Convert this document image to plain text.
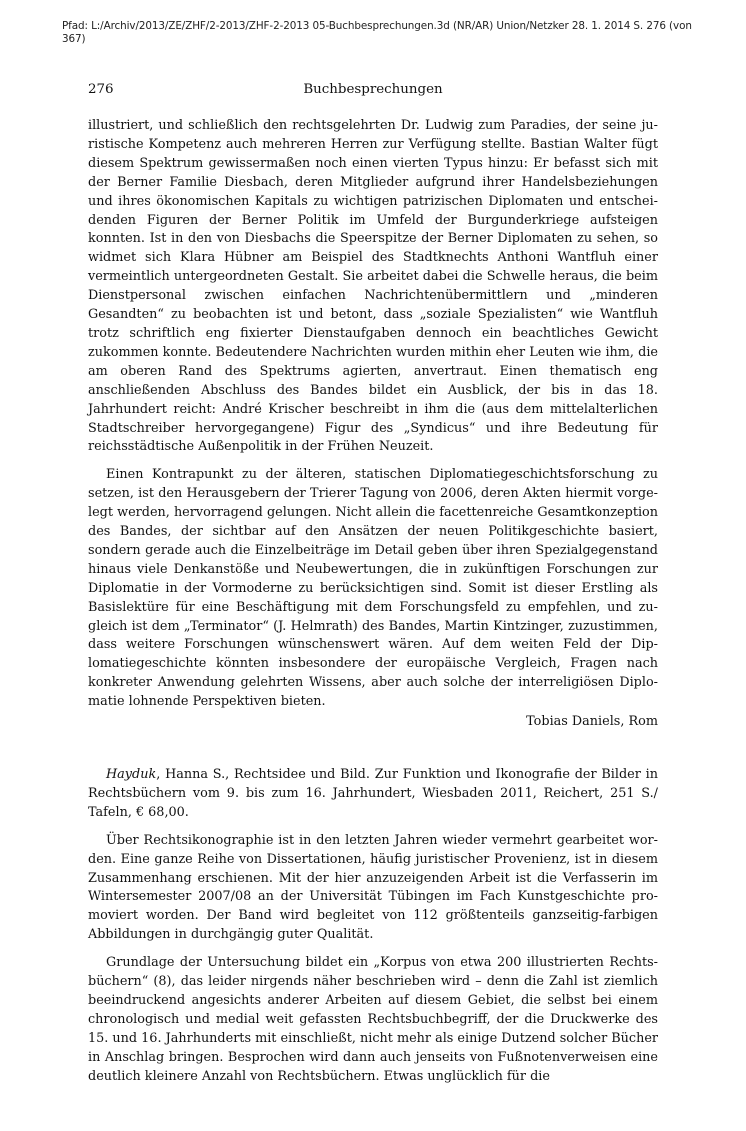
Pfad: L:/Archiv/2013/ZE/ZHF/2-2013/ZHF-2-2013 05-Buchbesprechungen.3d (NR/AR) Union/Netzker 28. 1. 2014 S. 276 (von
367)
276	Buchbesprechungen

illustriert, und schließlich den rechtsgelehrten Dr. Ludwig zum Paradies, der seine juristische Kompetenz auch mehreren Herren zur Verfügung stellte. Bastian Walter fügt diesem Spektrum gewissermaßen noch einen vierten Typus hinzu: Er befasst sich mit der Berner Familie Diesbach, deren Mitglieder aufgrund ihrer Handelsbeziehungen und ihres ökonomischen Kapitals zu wichtigen patrizischen Diplomaten und entscheidenden Figuren der Berner Politik im Umfeld der Burgunderkriege aufsteigen konnten. Ist in den von Diesbachs die Speerspitze der Berner Diplomaten zu sehen, so widmet sich Klara Hübner am Beispiel des Stadtknechts Anthoni Wantfluh einer vermeintlich untergeordneten Gestalt. Sie arbeitet dabei die Schwelle heraus, die beim Dienstpersonal zwischen einfachen Nachrichtenübermittlern und „minderen Gesandten“ zu beobachten ist und betont, dass „soziale Spezialisten“ wie Wantfluh trotz schriftlich eng fixierter Dienstaufgaben dennoch ein beachtliches Gewicht zukommen konnte. Bedeutendere Nachrichten wurden mithin eher Leuten wie ihm, die am oberen Rand des Spektrums agierten, anvertraut. Einen thematisch eng anschließenden Abschluss des Bandes bildet ein Ausblick, der bis in das 18. Jahrhundert reicht: André Krischer beschreibt in ihm die (aus dem mittelalterlichen Stadtschreiber hervorgegangene) Figur des „Syndicus“ und ihre Bedeutung für reichsstädtische Außenpolitik in der Frühen Neuzeit.

Einen Kontrapunkt zu der älteren, statischen Diplomatiegeschichtsforschung zu setzen, ist den Herausgebern der Trierer Tagung von 2006, deren Akten hiermit vorgelegt werden, hervorragend gelungen. Nicht allein die facettenreiche Gesamtkonzeption des Bandes, der sichtbar auf den Ansätzen der neuen Politikgeschichte basiert, sondern gerade auch die Einzelbeiträge im Detail geben über ihren Spezialgegenstand hinaus viele Denkanstöße und Neubewertungen, die in zukünftigen Forschungen zur Diplomatie in der Vormoderne zu berücksichtigen sind. Somit ist dieser Erstling als Basislektüre für eine Beschäftigung mit dem Forschungsfeld zu empfehlen, und zugleich ist dem „Terminator“ (J. Helmrath) des Bandes, Martin Kintzinger, zuzustimmen, dass weitere Forschungen wünschenswert wären. Auf dem weiten Feld der Diplomatiegeschichte könnten insbesondere der europäische Vergleich, Fragen nach konkreter Anwendung gelehrten Wissens, aber auch solche der interreligiösen Diplomatie lohnende Perspektiven bieten.

Tobias Daniels, Rom

Hayduk, Hanna S., Rechtsidee und Bild. Zur Funktion und Ikonografie der Bilder in Rechtsbüchern vom 9. bis zum 16. Jahrhundert, Wiesbaden 2011, Reichert, 251 S./ Tafeln, € 68,00.

Über Rechtsikonographie ist in den letzten Jahren wieder vermehrt gearbeitet worden. Eine ganze Reihe von Dissertationen, häufig juristischer Provenienz, ist in diesem Zusammenhang erschienen. Mit der hier anzuzeigenden Arbeit ist die Verfasserin im Wintersemester 2007/08 an der Universität Tübingen im Fach Kunstgeschichte promoviert worden. Der Band wird begleitet von 112 größtenteils ganzseitig-farbigen Abbildungen in durchgängig guter Qualität.

Grundlage der Untersuchung bildet ein „Korpus von etwa 200 illustrierten Rechtsbüchern“ (8), das leider nirgends näher beschrieben wird – denn die Zahl ist ziemlich beeindruckend angesichts anderer Arbeiten auf diesem Gebiet, die selbst bei einem chronologisch und medial weit gefassten Rechtsbuchbegriff, der die Druckwerke des 15. und 16. Jahrhunderts mit einschließt, nicht mehr als einige Dutzend solcher Bücher in Anschlag bringen. Besprochen wird dann auch jenseits von Fußnotenverweisen eine deutlich kleinere Anzahl von Rechtsbüchern. Etwas unglücklich für die
